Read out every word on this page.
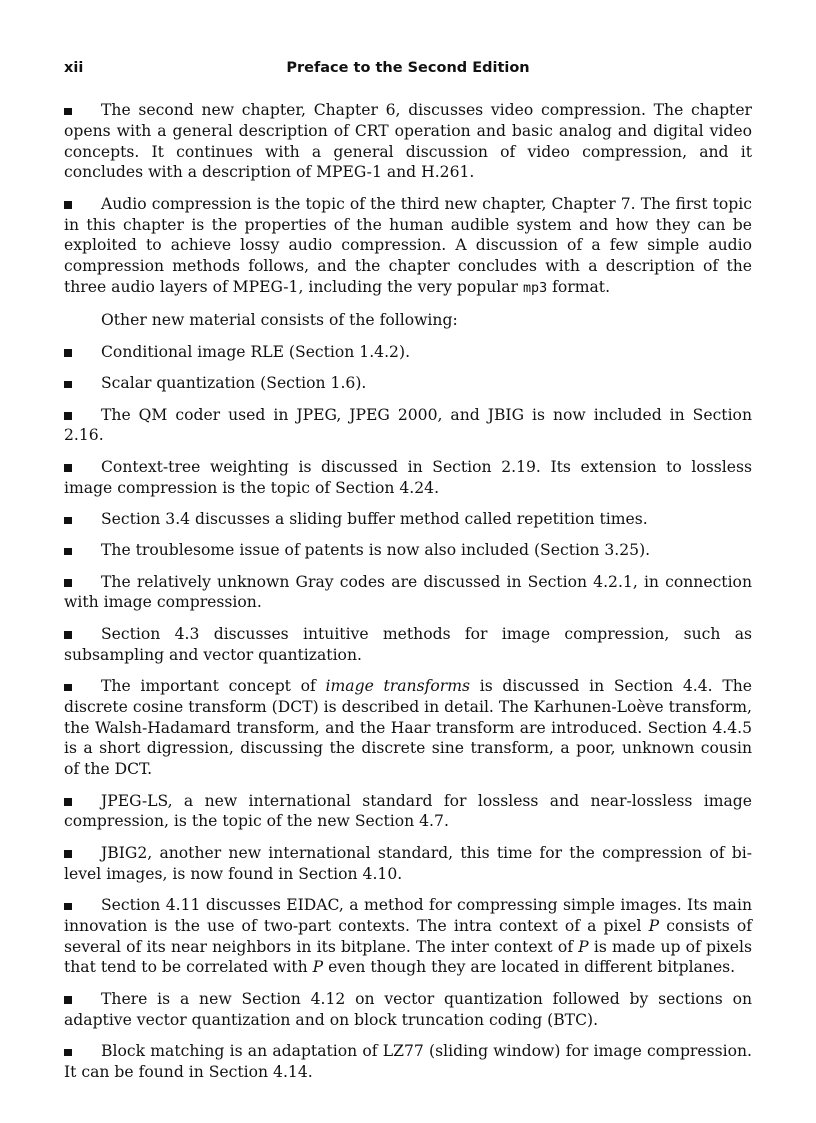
xii	Preface to the Second Edition

The second new chapter, Chapter 6, discusses video compression. The chapter opens with a general description of CRT operation and basic analog and digital video concepts. It continues with a general discussion of video compression, and it concludes with a description of MPEG-1 and H.261.

Audio compression is the topic of the third new chapter, Chapter 7. The first topic in this chapter is the properties of the human audible system and how they can be exploited to achieve lossy audio compression. A discussion of a few simple audio compression methods follows, and the chapter concludes with a description of the three audio layers of MPEG-1, including the very popular mp3 format.

Other new material consists of the following:

Conditional image RLE (Section 1.4.2).

Scalar quantization (Section 1.6).

The QM coder used in JPEG, JPEG 2000, and JBIG is now included in Section 2.16.

Context-tree weighting is discussed in Section 2.19. Its extension to lossless image compression is the topic of Section 4.24.

Section 3.4 discusses a sliding buffer method called repetition times.

The troublesome issue of patents is now also included (Section 3.25).

The relatively unknown Gray codes are discussed in Section 4.2.1, in connection with image compression.

Section 4.3 discusses intuitive methods for image compression, such as subsampling and vector quantization.

The important concept of image transforms is discussed in Section 4.4. The discrete cosine transform (DCT) is described in detail. The Karhunen-Loève transform, the Walsh-Hadamard transform, and the Haar transform are introduced. Section 4.4.5 is a short digression, discussing the discrete sine transform, a poor, unknown cousin of the DCT.

JPEG-LS, a new international standard for lossless and near-lossless image compression, is the topic of the new Section 4.7.

JBIG2, another new international standard, this time for the compression of bi-level images, is now found in Section 4.10.

Section 4.11 discusses EIDAC, a method for compressing simple images. Its main innovation is the use of two-part contexts. The intra context of a pixel P consists of several of its near neighbors in its bitplane. The inter context of P is made up of pixels that tend to be correlated with P even though they are located in different bitplanes.

There is a new Section 4.12 on vector quantization followed by sections on adaptive vector quantization and on block truncation coding (BTC).

Block matching is an adaptation of LZ77 (sliding window) for image compression. It can be found in Section 4.14.
